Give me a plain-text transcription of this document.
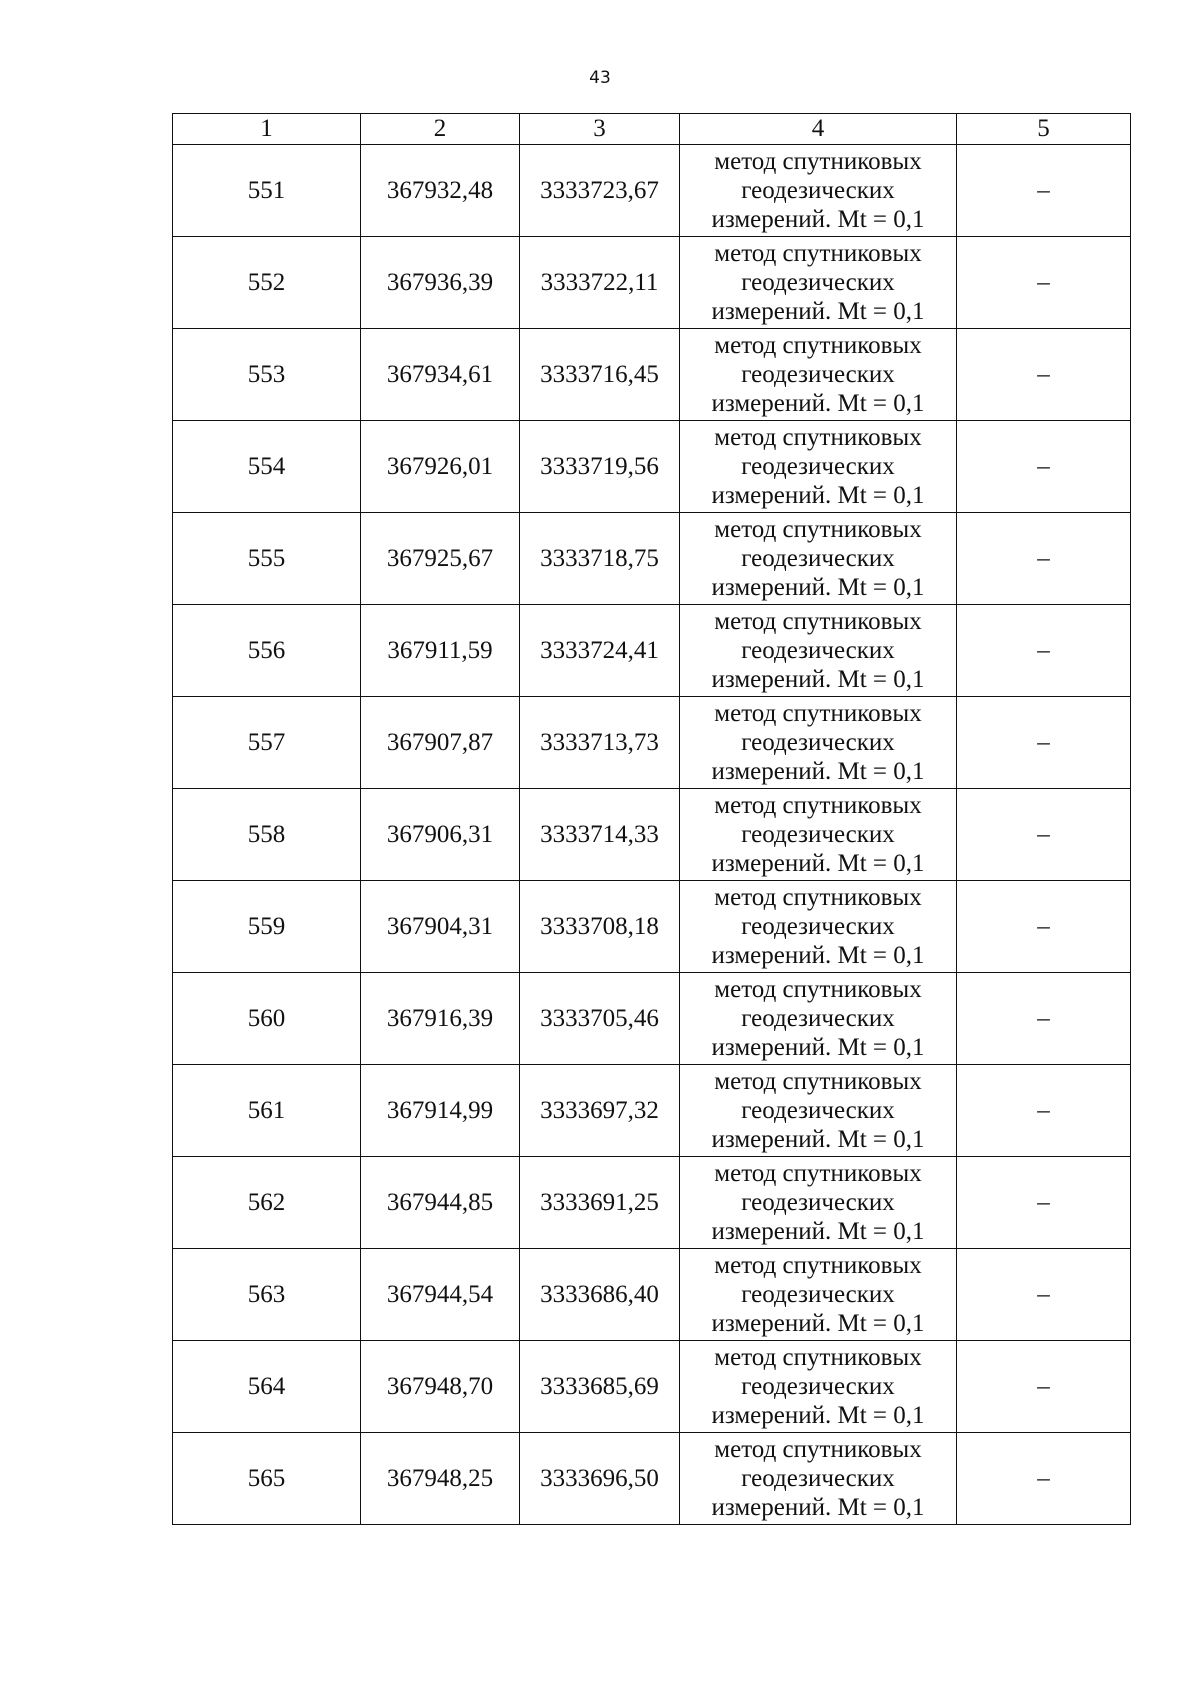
43
1	2	3	4	5
551	367932,48	3333723,67	метод спутниковых геодезических измерений. Mt = 0,1	–
552	367936,39	3333722,11	метод спутниковых геодезических измерений. Mt = 0,1	–
553	367934,61	3333716,45	метод спутниковых геодезических измерений. Mt = 0,1	–
554	367926,01	3333719,56	метод спутниковых геодезических измерений. Mt = 0,1	–
555	367925,67	3333718,75	метод спутниковых геодезических измерений. Mt = 0,1	–
556	367911,59	3333724,41	метод спутниковых геодезических измерений. Mt = 0,1	–
557	367907,87	3333713,73	метод спутниковых геодезических измерений. Mt = 0,1	–
558	367906,31	3333714,33	метод спутниковых геодезических измерений. Mt = 0,1	–
559	367904,31	3333708,18	метод спутниковых геодезических измерений. Mt = 0,1	–
560	367916,39	3333705,46	метод спутниковых геодезических измерений. Mt = 0,1	–
561	367914,99	3333697,32	метод спутниковых геодезических измерений. Mt = 0,1	–
562	367944,85	3333691,25	метод спутниковых геодезических измерений. Mt = 0,1	–
563	367944,54	3333686,40	метод спутниковых геодезических измерений. Mt = 0,1	–
564	367948,70	3333685,69	метод спутниковых геодезических измерений. Mt = 0,1	–
565	367948,25	3333696,50	метод спутниковых геодезических измерений. Mt = 0,1	–
